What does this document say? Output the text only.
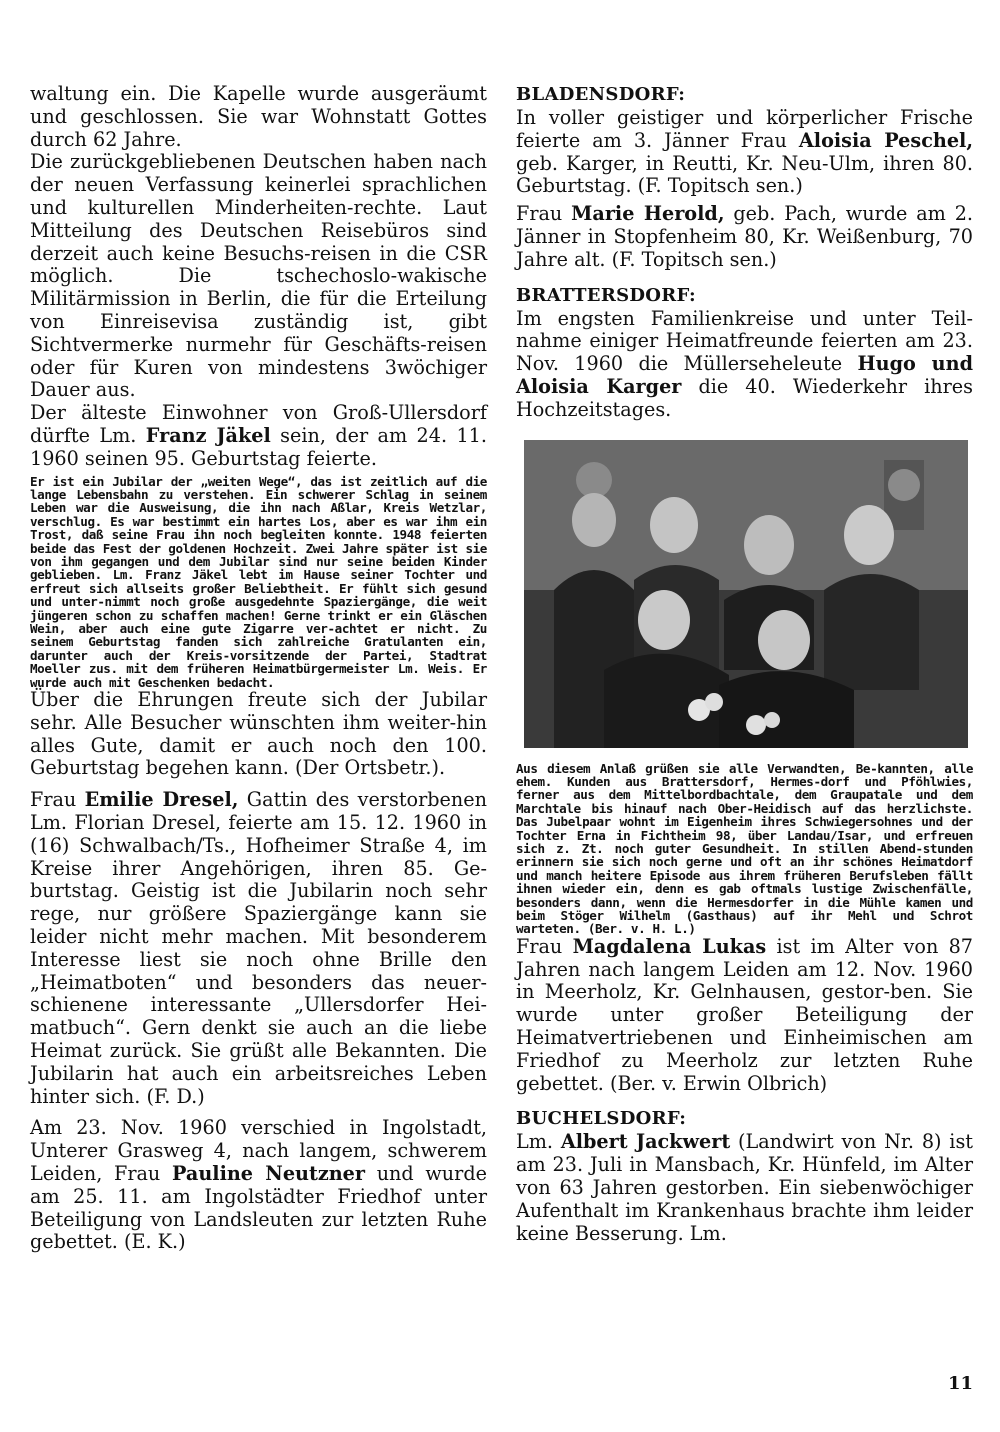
waltung ein. Die Kapelle wurde ausgeräumt und geschlossen. Sie war Wohnstatt Gottes durch 62 Jahre.

Die zurückgebliebenen Deutschen haben nach der neuen Verfassung keinerlei sprachlichen und kulturellen Minderheiten-rechte. Laut Mitteilung des Deutschen Reisebüros sind derzeit auch keine Besuchs-reisen in die CSR möglich. Die tschechoslo-wakische Militärmission in Berlin, die für die Erteilung von Einreisevisa zuständig ist, gibt Sichtvermerke nurmehr für Geschäfts-reisen oder für Kuren von mindestens 3wöchiger Dauer aus.

Der älteste Einwohner von Groß-Ullersdorf dürfte Lm. Franz Jäkel sein, der am 24. 11. 1960 seinen 95. Geburtstag feierte.

Er ist ein Jubilar der „weiten Wege“, das ist zeitlich auf die lange Lebensbahn zu verstehen. Ein schwerer Schlag in seinem Leben war die Ausweisung, die ihn nach Aßlar, Kreis Wetzlar, verschlug. Es war bestimmt ein hartes Los, aber es war ihm ein Trost, daß seine Frau ihn noch begleiten konnte. 1948 feierten beide das Fest der goldenen Hochzeit. Zwei Jahre später ist sie von ihm gegangen und dem Jubilar sind nur seine beiden Kinder geblieben. Lm. Franz Jäkel lebt im Hause seiner Tochter und erfreut sich allseits großer Beliebtheit. Er fühlt sich gesund und unter-nimmt noch große ausgedehnte Spaziergänge, die weit jüngeren schon zu schaffen machen! Gerne trinkt er ein Gläschen Wein, aber auch eine gute Zigarre ver-achtet er nicht. Zu seinem Geburtstag fanden sich zahlreiche Gratulanten ein, darunter auch der Kreis-vorsitzende der Partei, Stadtrat Moeller zus. mit dem früheren Heimatbürgermeister Lm. Weis. Er wurde auch mit Geschenken bedacht.

Über die Ehrungen freute sich der Jubilar sehr. Alle Besucher wünschten ihm weiter-hin alles Gute, damit er auch noch den 100. Geburtstag begehen kann. (Der Ortsbetr.).

Frau Emilie Dresel, Gattin des verstorbenen Lm. Florian Dresel, feierte am 15. 12. 1960 in (16) Schwalbach/Ts., Hofheimer Straße 4, im Kreise ihrer Angehörigen, ihren 85. Ge-burtstag. Geistig ist die Jubilarin noch sehr rege, nur größere Spaziergänge kann sie leider nicht mehr machen. Mit besonderem Interesse liest sie noch ohne Brille den „Heimatboten“ und besonders das neuer-schienene interessante „Ullersdorfer Hei-matbuch“. Gern denkt sie auch an die liebe Heimat zurück. Sie grüßt alle Bekannten. Die Jubilarin hat auch ein arbeitsreiches Leben hinter sich. (F. D.)

Am 23. Nov. 1960 verschied in Ingolstadt, Unterer Grasweg 4, nach langem, schwerem Leiden, Frau Pauline Neutzner und wurde am 25. 11. am Ingolstädter Friedhof unter Beteiligung von Landsleuten zur letzten Ruhe gebettet. (E. K.)

BLADENSDORF:

In voller geistiger und körperlicher Frische feierte am 3. Jänner Frau Aloisia Peschel, geb. Karger, in Reutti, Kr. Neu-Ulm, ihren 80. Geburtstag. (F. Topitsch sen.)

Frau Marie Herold, geb. Pach, wurde am 2. Jänner in Stopfenheim 80, Kr. Weißenburg, 70 Jahre alt. (F. Topitsch sen.)

BRATTERSDORF:

Im engsten Familienkreise und unter Teil-nahme einiger Heimatfreunde feierten am 23. Nov. 1960 die Müllerseheleute Hugo und Aloisia Karger die 40. Wiederkehr ihres Hochzeitstages.

Aus diesem Anlaß grüßen sie alle Verwandten, Be-kannten, alle ehem. Kunden aus Brattersdorf, Hermes-dorf und Pföhlwies, ferner aus dem Mittelbordbachtale, dem Graupatale und dem Marchtale bis hinauf nach Ober-Heidisch auf das herzlichste. Das Jubelpaar wohnt im Eigenheim ihres Schwiegersohnes und der Tochter Erna in Fichtheim 98, über Landau/Isar, und erfreuen sich z. Zt. noch guter Gesundheit. In stillen Abend-stunden erinnern sie sich noch gerne und oft an ihr schönes Heimatdorf und manch heitere Episode aus ihrem früheren Berufsleben fällt ihnen wieder ein, denn es gab oftmals lustige Zwischenfälle, besonders dann, wenn die Hermesdorfer in die Mühle kamen und beim Stöger Wilhelm (Gasthaus) auf ihr Mehl und Schrot warteten. (Ber. v. H. L.)

Frau Magdalena Lukas ist im Alter von 87 Jahren nach langem Leiden am 12. Nov. 1960 in Meerholz, Kr. Gelnhausen, gestor-ben. Sie wurde unter großer Beteiligung der Heimatvertriebenen und Einheimischen am Friedhof zu Meerholz zur letzten Ruhe gebettet. (Ber. v. Erwin Olbrich)

BUCHELSDORF:

Lm. Albert Jackwert (Landwirt von Nr. 8) ist am 23. Juli in Mansbach, Kr. Hünfeld, im Alter von 63 Jahren gestorben. Ein siebenwöchiger Aufenthalt im Krankenhaus brachte ihm leider keine Besserung. Lm.

11
